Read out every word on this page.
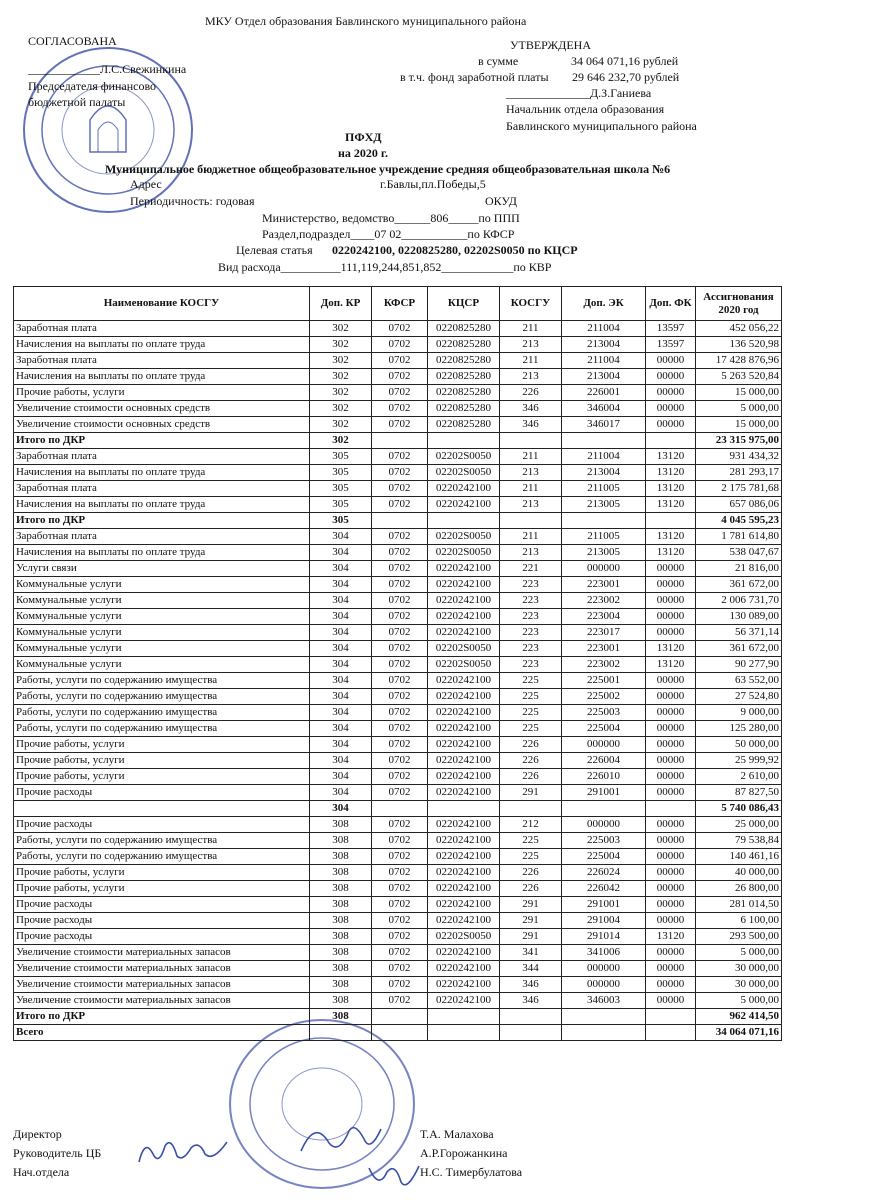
МКУ Отдел образования Бавлинского муниципального района
СОГЛАСОВАНА
____________Л.С.Свежинкина
Председателя финансово
бюджетной палаты
УТВЕРЖДЕНА
в сумме	34 064 071,16 рублей
в т.ч. фонд заработной платы 29 646 232,70 рублей
______________Д.З.Ганиева
Начальник отдела образования
Бавлинского муниципального района
ПФХД
на 2020 г.
Муниципальное бюджетное общеобразовательное учреждение средняя общеобразовательная школа №6
Адрес	г.Бавлы,пл.Победы,5
Периодичность: годовая	ОКУД
Министерство, ведомство______806_____по ППП
Раздел,подраздел____07 02___________по КФСР
Целевая статья 0220242100, 0220825280, 02202S0050 по КЦСР
Вид расхода__________111,119,244,851,852____________по КВР
Наименование КОСГУ	Доп. КР	КФСР	КЦСР	КОСГУ	Доп. ЭК	Доп. ФК	Ассигнования
2020 год
Заработная плата	302	0702	0220825280	211	211004	13597	452 056,22
Начисления на выплаты по оплате труда	302	0702	0220825280	213	213004	13597	136 520,98
Заработная плата	302	0702	0220825280	211	211004	00000	17 428 876,96
Начисления на выплаты по оплате труда	302	0702	0220825280	213	213004	00000	5 263 520,84
Прочие работы, услуги	302	0702	0220825280	226	226001	00000	15 000,00
Увеличение стоимости основных средств	302	0702	0220825280	346	346004	00000	5 000,00
Увеличение стоимости основных средств	302	0702	0220825280	346	346017	00000	15 000,00
Итого по ДКР	302						23 315 975,00
Заработная плата	305	0702	02202S0050	211	211004	13120	931 434,32
Начисления на выплаты по оплате труда	305	0702	02202S0050	213	213004	13120	281 293,17
Заработная плата	305	0702	0220242100	211	211005	13120	2 175 781,68
Начисления на выплаты по оплате труда	305	0702	0220242100	213	213005	13120	657 086,06
Итого по ДКР	305						4 045 595,23
Заработная плата	304	0702	02202S0050	211	211005	13120	1 781 614,80
Начисления на выплаты по оплате труда	304	0702	02202S0050	213	213005	13120	538 047,67
Услуги связи	304	0702	0220242100	221	000000	00000	21 816,00
Коммунальные услуги	304	0702	0220242100	223	223001	00000	361 672,00
Коммунальные услуги	304	0702	0220242100	223	223002	00000	2 006 731,70
Коммунальные услуги	304	0702	0220242100	223	223004	00000	130 089,00
Коммунальные услуги	304	0702	0220242100	223	223017	00000	56 371,14
Коммунальные услуги	304	0702	02202S0050	223	223001	13120	361 672,00
Коммунальные услуги	304	0702	02202S0050	223	223002	13120	90 277,90
Работы, услуги по содержанию имущества	304	0702	0220242100	225	225001	00000	63 552,00
Работы, услуги по содержанию имущества	304	0702	0220242100	225	225002	00000	27 524,80
Работы, услуги по содержанию имущества	304	0702	0220242100	225	225003	00000	9 000,00
Работы, услуги по содержанию имущества	304	0702	0220242100	225	225004	00000	125 280,00
Прочие работы, услуги	304	0702	0220242100	226	000000	00000	50 000,00
Прочие работы, услуги	304	0702	0220242100	226	226004	00000	25 999,92
Прочие работы, услуги	304	0702	0220242100	226	226010	00000	2 610,00
Прочие расходы	304	0702	0220242100	291	291001	00000	87 827,50
	304						5 740 086,43
Прочие расходы	308	0702	0220242100	212	000000	00000	25 000,00
Работы, услуги по содержанию имущества	308	0702	0220242100	225	225003	00000	79 538,84
Работы, услуги по содержанию имущества	308	0702	0220242100	225	225004	00000	140 461,16
Прочие работы, услуги	308	0702	0220242100	226	226024	00000	40 000,00
Прочие работы, услуги	308	0702	0220242100	226	226042	00000	26 800,00
Прочие расходы	308	0702	0220242100	291	291001	00000	281 014,50
Прочие расходы	308	0702	0220242100	291	291004	00000	6 100,00
Прочие расходы	308	0702	02202S0050	291	291014	13120	293 500,00
Увеличение стоимости материальных запасов	308	0702	0220242100	341	341006	00000	5 000,00
Увеличение стоимости материальных запасов	308	0702	0220242100	344	000000	00000	30 000,00
Увеличение стоимости материальных запасов	308	0702	0220242100	346	000000	00000	30 000,00
Увеличение стоимости материальных запасов	308	0702	0220242100	346	346003	00000	5 000,00
Итого по ДКР	308						962 414,50
Всего							34 064 071,16
Директор	Т.А. Малахова
Руководитель ЦБ	А.Р.Горожанкина
Нач.отдела	Н.С. Тимербулатова
